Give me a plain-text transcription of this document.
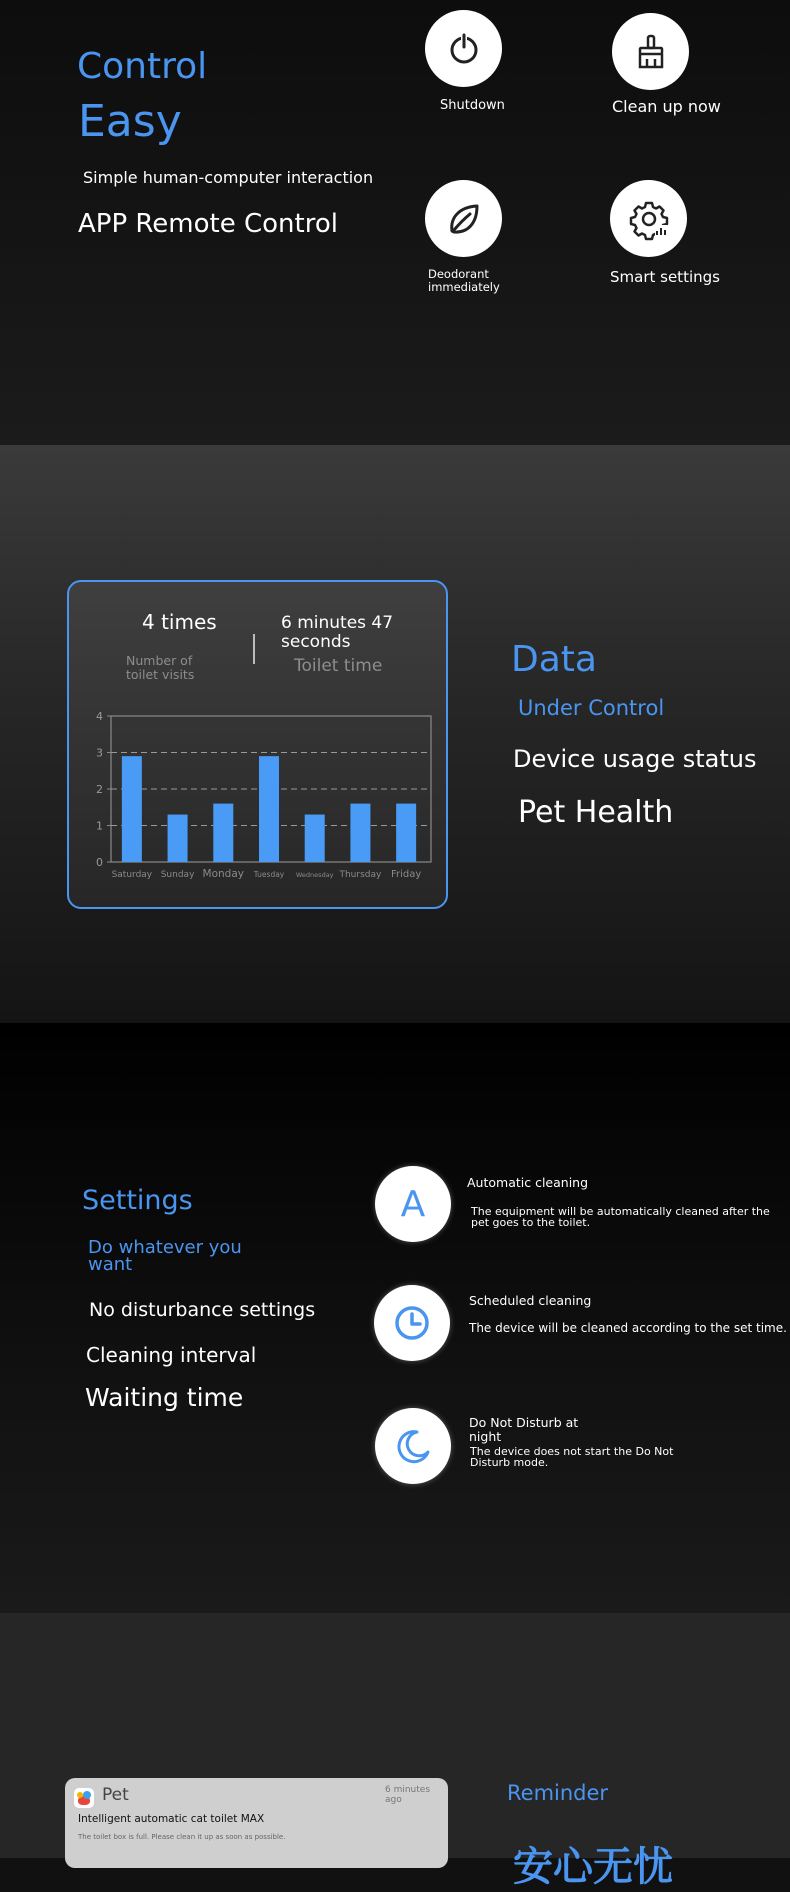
Control
Easy
Simple human-computer interaction
APP Remote Control
Shutdown	Clean up now
Deodorant immediately
Smart settings
4 times
Number of toilet visits
6 minutes 47 seconds
Toilet time
0
1
2
3
4
Saturday Sunday Monday Tuesday Wednesday Thursday Friday
Data
Under Control
Device usage status
Pet Health
Settings
Do whatever you want
No disturbance settings
Cleaning interval
Waiting time
A
Automatic cleaning
The equipment will be automatically cleaned after the pet goes to the toilet.
Scheduled cleaning
The device will be cleaned according to the set time.
Do Not Disturb at night
The device does not start the Do Not Disturb mode.
Pet	6 minutes ago
Intelligent automatic cat toilet MAX
The toilet box is full. Please clean it up as soon as possible.
Reminder
安心无忧
